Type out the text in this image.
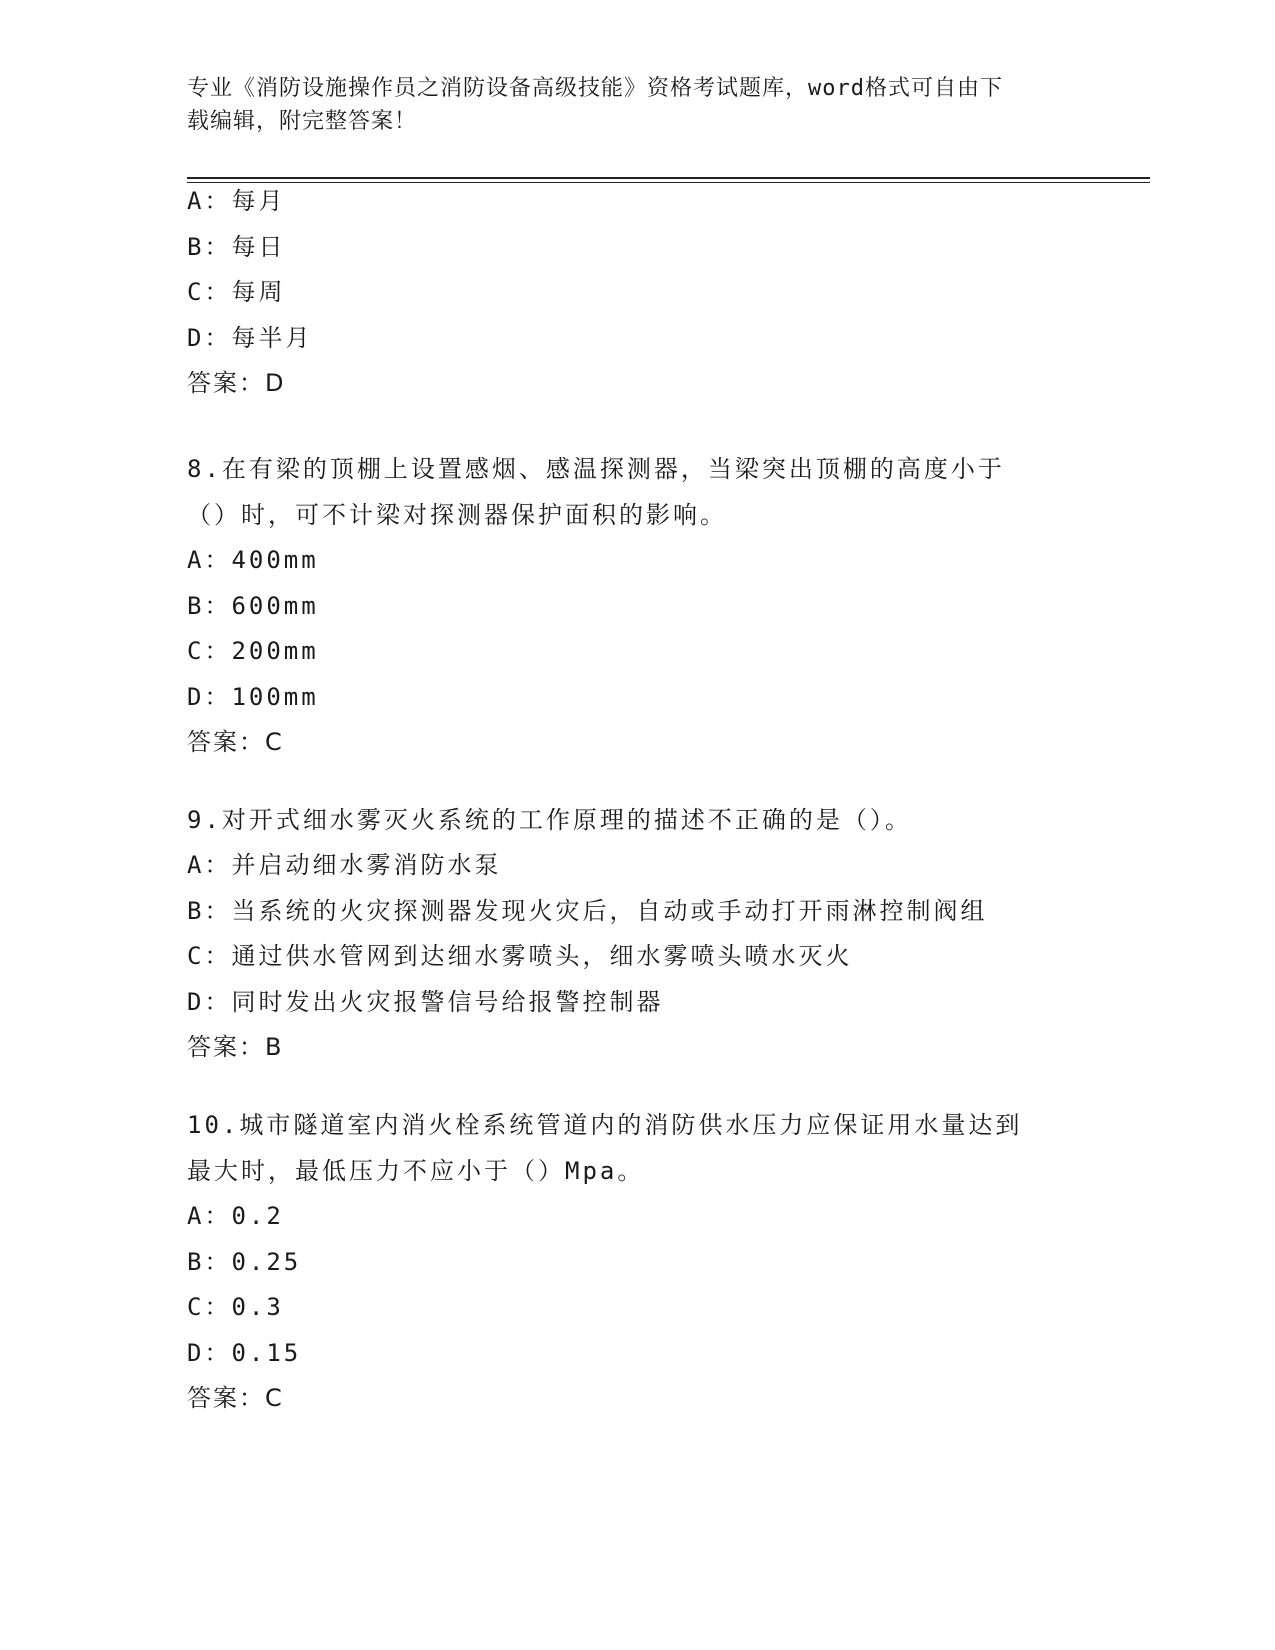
专业《消防设施操作员之消防设备高级技能》资格考试题库，word格式可自由下
载编辑，附完整答案！
A：每月
B：每日
C：每周
D：每半月
答案：D
8.在有梁的顶棚上设置感烟、感温探测器，当梁突出顶棚的高度小于
（）时，可不计梁对探测器保护面积的影响。
A：400mm
B：600mm
C：200mm
D：100mm
答案：C
9.对开式细水雾灭火系统的工作原理的描述不正确的是（）。
A：并启动细水雾消防水泵
B：当系统的火灾探测器发现火灾后，自动或手动打开雨淋控制阀组
C：通过供水管网到达细水雾喷头，细水雾喷头喷水灭火
D：同时发出火灾报警信号给报警控制器
答案：B
10.城市隧道室内消火栓系统管道内的消防供水压力应保证用水量达到
最大时，最低压力不应小于（）Mpa。
A：0.2
B：0.25
C：0.3
D：0.15
答案：C
